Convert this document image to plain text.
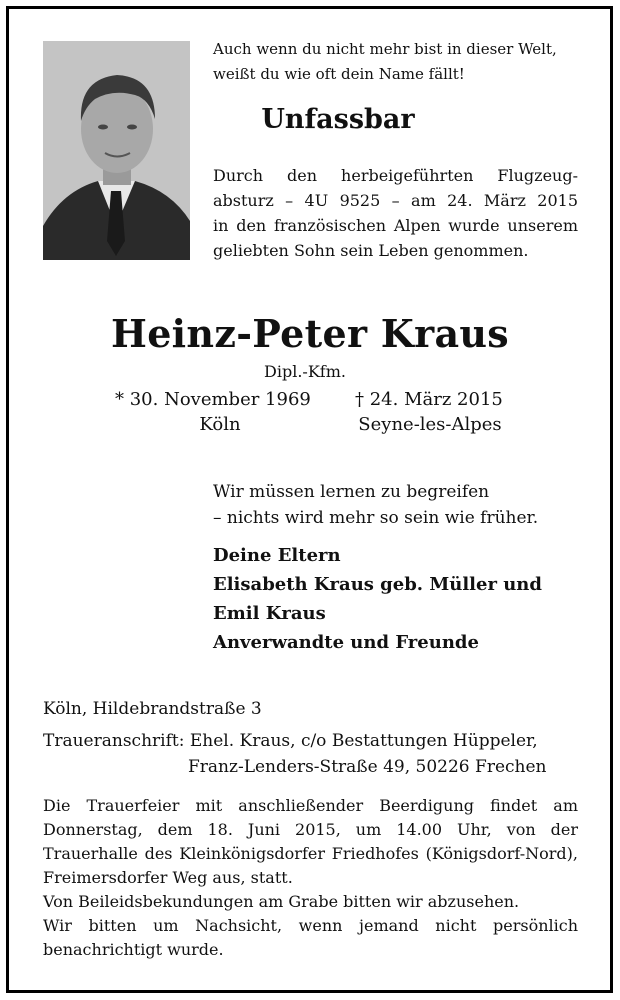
Auch wenn du nicht mehr bist in dieser Welt,
weißt du wie oft dein Name fällt!
Unfassbar
Durch den herbeigeführten Flugzeug-
absturz – 4U 9525 – am 24. März 2015
in den französischen Alpen wurde unserem
geliebten Sohn sein Leben genommen.
Heinz-Peter Kraus
Dipl.-Kfm.
* 30. November 1969	† 24. März 2015
Köln	Seyne-les-Alpes
Wir müssen lernen zu begreifen
– nichts wird mehr so sein wie früher.
Deine Eltern
Elisabeth Kraus geb. Müller und
Emil Kraus
Anverwandte und Freunde
Köln, Hildebrandstraße 3
Traueranschrift: Ehel. Kraus, c/o Bestattungen Hüppeler,
Franz-Lenders-Straße 49, 50226 Frechen
Die Trauerfeier mit anschließender Beerdigung findet am
Donnerstag, dem 18. Juni 2015, um 14.00 Uhr, von der
Trauerhalle des Kleinkönigsdorfer Friedhofes (Königsdorf-Nord),
Freimersdorfer Weg aus, statt.
Von Beileidsbekundungen am Grabe bitten wir abzusehen.
Wir bitten um Nachsicht, wenn jemand nicht persönlich
benachrichtigt wurde.
